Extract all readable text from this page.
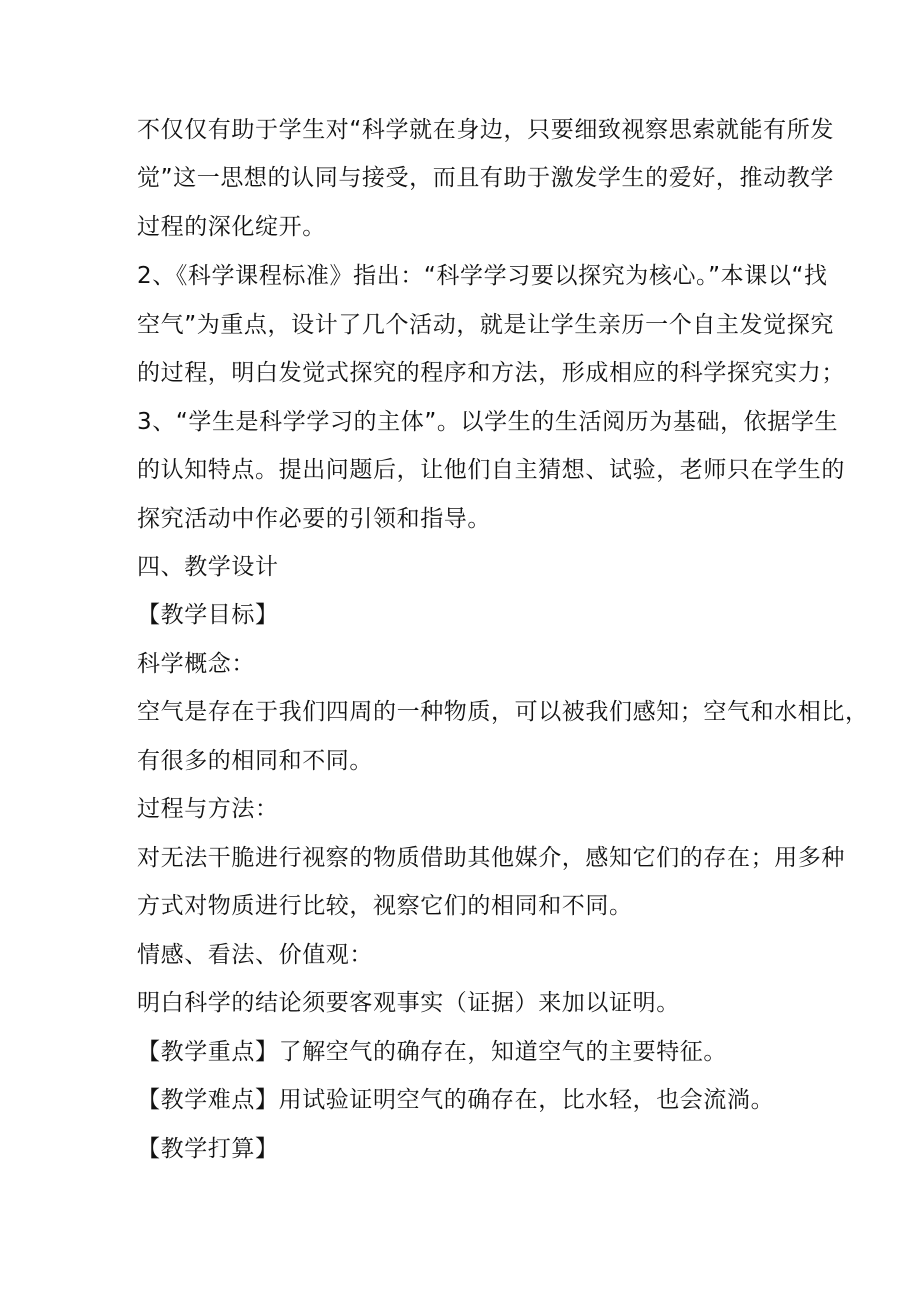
不仅仅有助于学生对“科学就在身边，只要细致视察思索就能有所发
觉”这一思想的认同与接受，而且有助于激发学生的爱好，推动教学
过程的深化绽开。
2、《科学课程标准》指出：“科学学习要以探究为核心。”本课以“找
空气”为重点，设计了几个活动，就是让学生亲历一个自主发觉探究
的过程，明白发觉式探究的程序和方法，形成相应的科学探究实力；
3、“学生是科学学习的主体”。以学生的生活阅历为基础，依据学生
的认知特点。提出问题后，让他们自主猜想、试验，老师只在学生的
探究活动中作必要的引领和指导。
四、教学设计
【教学目标】
科学概念：
空气是存在于我们四周的一种物质，可以被我们感知；空气和水相比，
有很多的相同和不同。
过程与方法：
对无法干脆进行视察的物质借助其他媒介，感知它们的存在；用多种
方式对物质进行比较，视察它们的相同和不同。
情感、看法、价值观：
明白科学的结论须要客观事实（证据）来加以证明。
【教学重点】了解空气的确存在，知道空气的主要特征。
【教学难点】用试验证明空气的确存在，比水轻，也会流淌。
【教学打算】
